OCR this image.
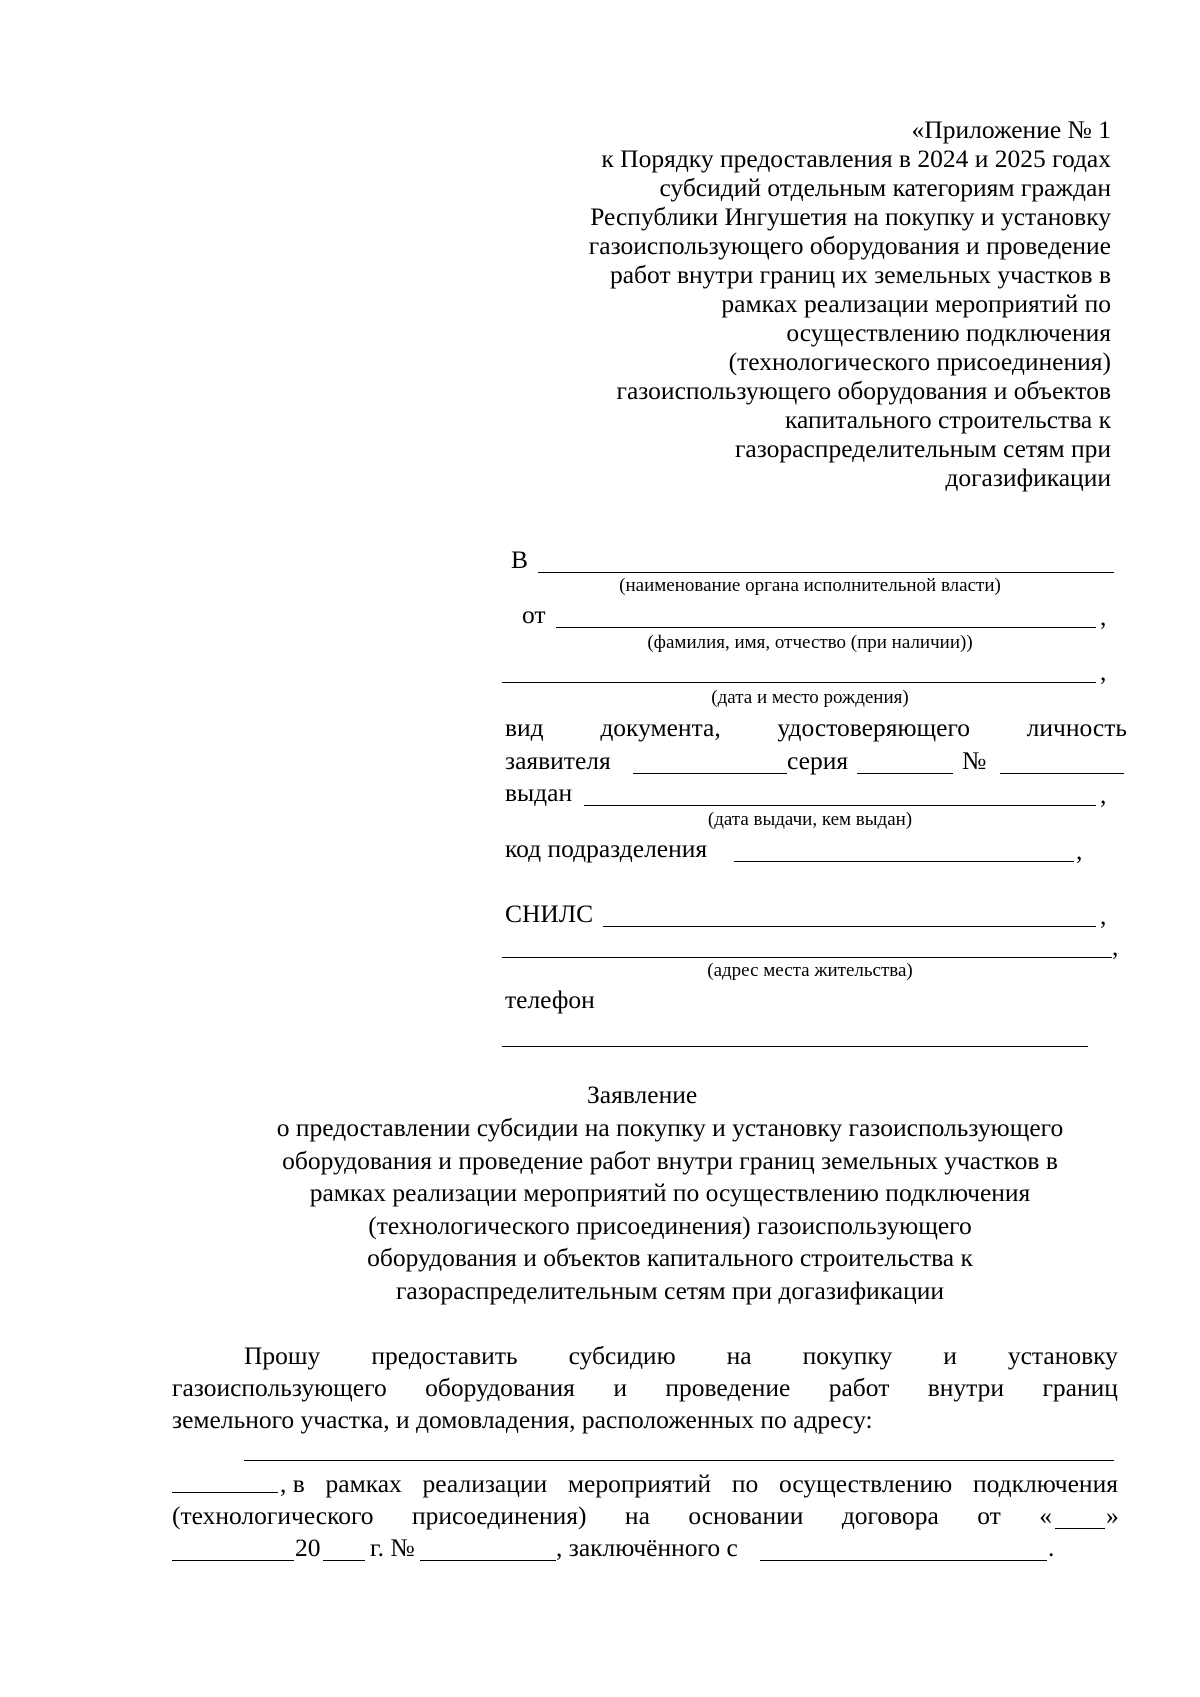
«Приложение № 1
к Порядку предоставления в 2024 и 2025 годах
субсидий отдельным категориям граждан
Республики Ингушетия на покупку и установку
газоиспользующего оборудования и проведение
работ внутри границ их земельных участков в
рамках реализации мероприятий по
осуществлению подключения
(технологического присоединения)
газоиспользующего оборудования и объектов
капитального строительства к
газораспределительным сетям при
догазификации
В
(наименование органа исполнительной власти)
от	,
(фамилия, имя, отчество (при наличии))
,
(дата и место рождения)
вид документа, удостоверяющего личность
заявителя	серия	№
выдан	,
(дата выдачи, кем выдан)
код подразделения	,
СНИЛС	,
,
(адрес места жительства)
телефон
Заявление
о предоставлении субсидии на покупку и установку газоиспользующего
оборудования и проведение работ внутри границ земельных участков в
рамках реализации мероприятий по осуществлению подключения
(технологического присоединения) газоиспользующего
оборудования и объектов капитального строительства к
газораспределительным сетям при догазификации
Прошу предоставить субсидию на покупку и установку
газоиспользующего оборудования и проведение работ внутри границ
земельного участка, и домовладения, расположенных по адресу:
, в рамках реализации мероприятий по осуществлению подключения
(технологического присоединения) на основании договора от « »
20 г. №	, заключённого с	.
